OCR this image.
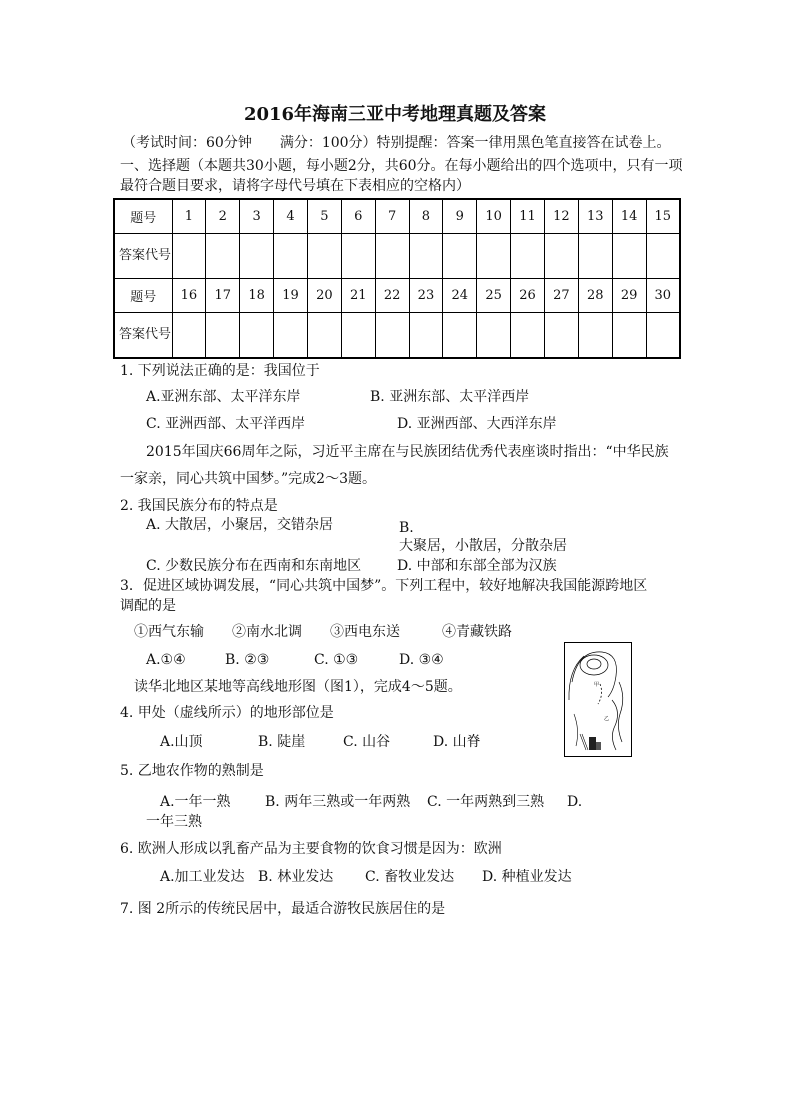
2016年海南三亚中考地理真题及答案
（考试时间：60分钟　　满分：100分）特别提醒：答案一律用黑色笔直接答在试卷上。
一、选择题（本题共30小题，每小题2分，共60分。在每小题给出的四个选项中，只有一项
最符合题目要求，请将字母代号填在下表相应的空格内）
题号	1	2	3	4	5	6	7	8	9	10	11	12	13	14	15
答案代号															
题号	16	17	18	19	20	21	22	23	24	25	26	27	28	29	30
答案代号															
1. 下列说法正确的是：我国位于
A.亚洲东部、太平洋东岸	B. 亚洲东部、太平洋西岸
C. 亚洲西部、太平洋西岸	D. 亚洲西部、大西洋东岸
2015年国庆66周年之际，习近平主席在与民族团结优秀代表座谈时指出：“中华民族
一家亲，同心共筑中国梦。”完成2～3题。
2. 我国民族分布的特点是
A. 大散居，小聚居，交错杂居	B.
大聚居，小散居，分散杂居
C. 少数民族分布在西南和东南地区	D. 中部和东部全部为汉族
3．促进区域协调发展，“同心共筑中国梦”。下列工程中，较好地解决我国能源跨地区
调配的是
①西气东输　　②南水北调　　③西电东送　　　④青藏铁路
A.①④	B. ②③	C. ①③	D. ③④
读华北地区某地等高线地形图（图1），完成4～5题。
4. 甲处（虚线所示）的地形部位是
A.山顶	B. 陡崖	C. 山谷	D. 山脊
5. 乙地农作物的熟制是
A.一年一熟 B. 两年三熟或一年两熟 C. 一年两熟到三熟 D.
一年三熟
6. 欧洲人形成以乳畜产品为主要食物的饮食习惯是因为：欧洲
A.加工业发达 B. 林业发达 C. 畜牧业发达 D. 种植业发达
7. 图 2所示的传统民居中，最适合游牧民族居住的是
甲
乙
